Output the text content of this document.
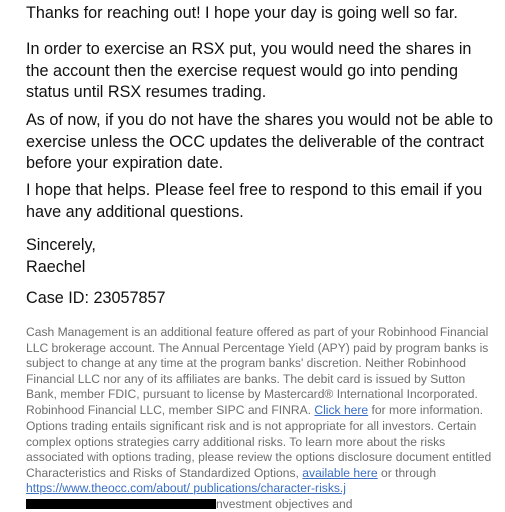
Thanks for reaching out! I hope your day is going well so far.

In order to exercise an RSX put, you would need the shares in the account then the exercise request would go into pending status until RSX resumes trading.

As of now, if you do not have the shares you would not be able to exercise unless the OCC updates the deliverable of the contract before your expiration date.

I hope that helps. Please feel free to respond to this email if you have any additional questions.

Sincerely,
Raechel

Case ID: 23057857

Cash Management is an additional feature offered as part of your Robinhood Financial LLC brokerage account. The Annual Percentage Yield (APY) paid by program banks is subject to change at any time at the program banks' discretion. Neither Robinhood Financial LLC nor any of its affiliates are banks. The debit card is issued by Sutton Bank, member FDIC, pursuant to license by Mastercard® International Incorporated. Robinhood Financial LLC, member SIPC and FINRA. Click here for more information.

Options trading entails significant risk and is not appropriate for all investors. Certain complex options strategies carry additional risks. To learn more about the risks associated with options trading, please review the options disclosure document entitled Characteristics and Risks of Standardized Options, available here or through https://www.theocc.com/about/ publications/character-risks.jnvestment objectives and
